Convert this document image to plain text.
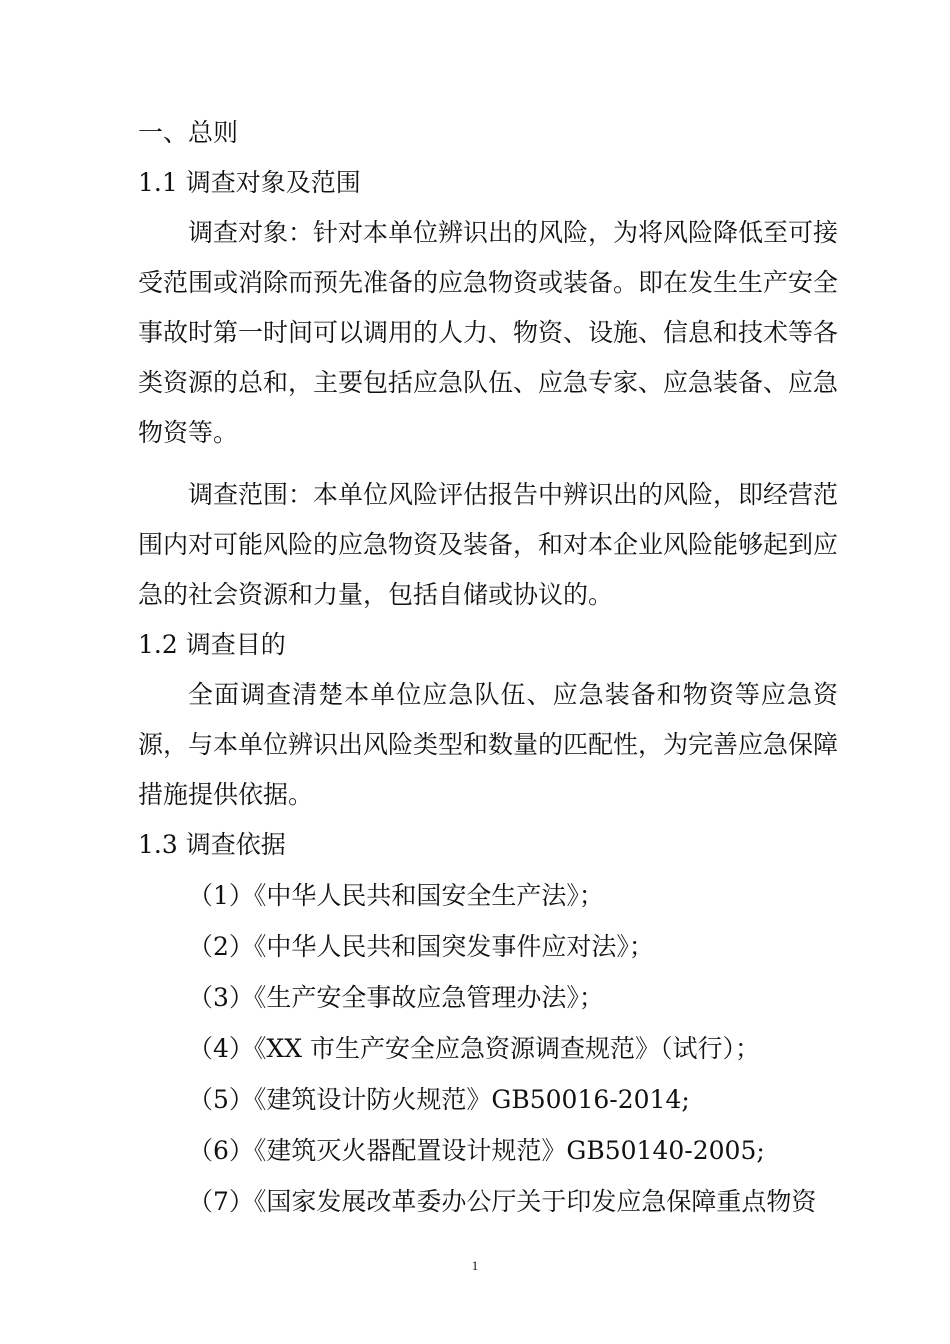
一、总则
1.1 调查对象及范围
调查对象：针对本单位辨识出的风险，为将风险降低至可接受范围或消除而预先准备的应急物资或装备。即在发生生产安全事故时第一时间可以调用的人力、物资、设施、信息和技术等各类资源的总和，主要包括应急队伍、应急专家、应急装备、应急物资等。
调查范围：本单位风险评估报告中辨识出的风险，即经营范围内对可能风险的应急物资及装备，和对本企业风险能够起到应急的社会资源和力量，包括自储或协议的。
1.2 调查目的
全面调查清楚本单位应急队伍、应急装备和物资等应急资源，与本单位辨识出风险类型和数量的匹配性，为完善应急保障措施提供依据。
1.3 调查依据
（1）《中华人民共和国安全生产法》；
（2）《中华人民共和国突发事件应对法》；
（3）《生产安全事故应急管理办法》；
（4）《XX 市生产安全应急资源调查规范》（试行）；
（5）《建筑设计防火规范》GB50016-2014;
（6）《建筑灭火器配置设计规范》GB50140-2005;
（7）《国家发展改革委办公厅关于印发应急保障重点物资
1
